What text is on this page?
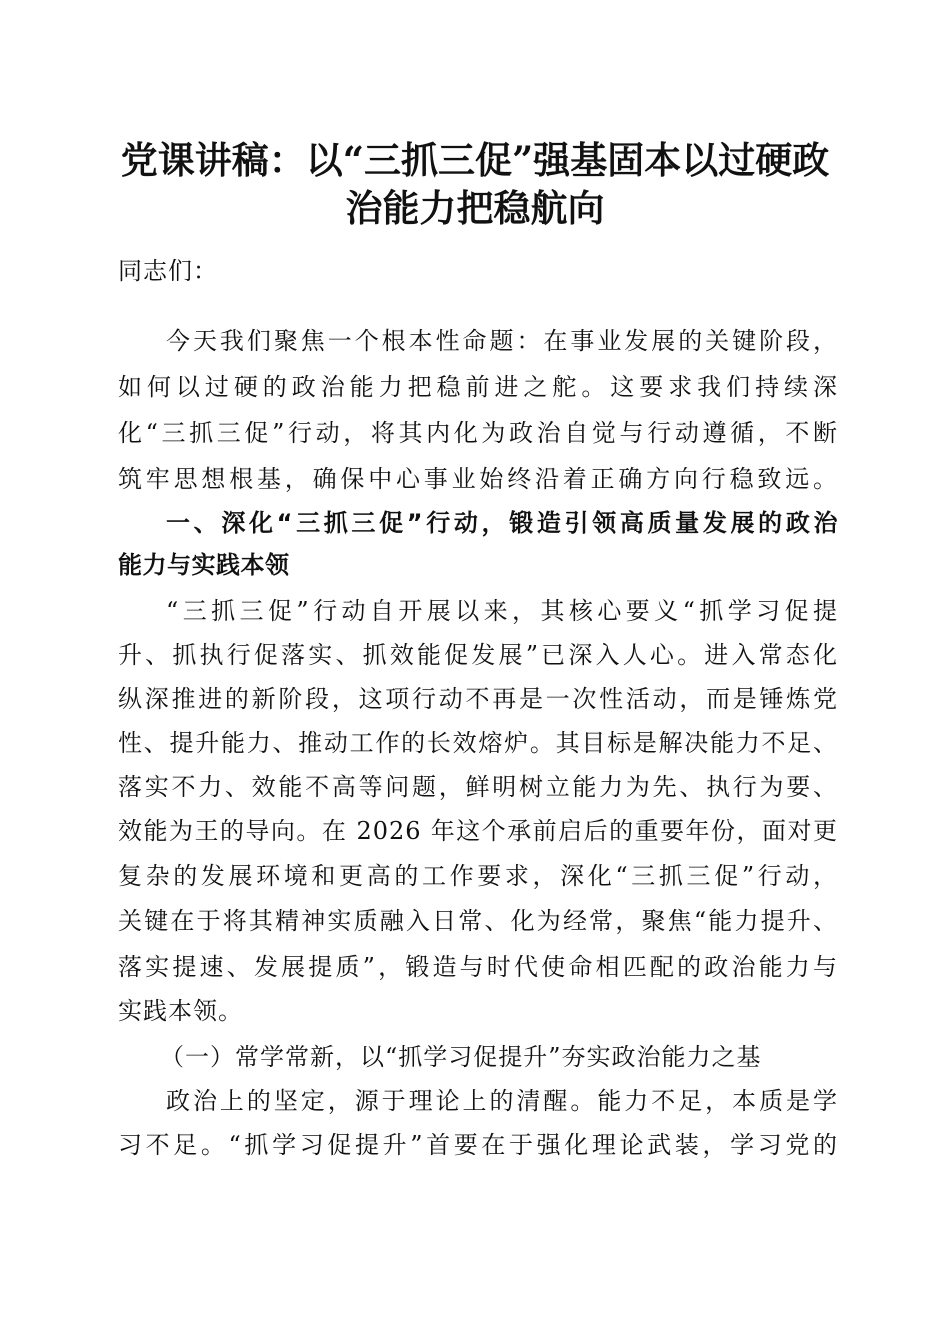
党课讲稿：以“三抓三促”强基固本以过硬政
治能力把稳航向
同志们：
今天我们聚焦一个根本性命题：在事业发展的关键阶段，
如何以过硬的政治能力把稳前进之舵。这要求我们持续深
化“三抓三促”行动，将其内化为政治自觉与行动遵循，不断
筑牢思想根基，确保中心事业始终沿着正确方向行稳致远。
一、深化“三抓三促”行动，锻造引领高质量发展的政治
能力与实践本领
“三抓三促”行动自开展以来，其核心要义“抓学习促提
升、抓执行促落实、抓效能促发展”已深入人心。进入常态化
纵深推进的新阶段，这项行动不再是一次性活动，而是锤炼党
性、提升能力、推动工作的长效熔炉。其目标是解决能力不足、
落实不力、效能不高等问题，鲜明树立能力为先、执行为要、
效能为王的导向。在 2026 年这个承前启后的重要年份，面对更
复杂的发展环境和更高的工作要求，深化“三抓三促”行动，
关键在于将其精神实质融入日常、化为经常，聚焦“能力提升、
落实提速、发展提质”，锻造与时代使命相匹配的政治能力与
实践本领。
（一）常学常新，以“抓学习促提升”夯实政治能力之基
政治上的坚定，源于理论上的清醒。能力不足，本质是学
习不足。“抓学习促提升”首要在于强化理论武装，学习党的
